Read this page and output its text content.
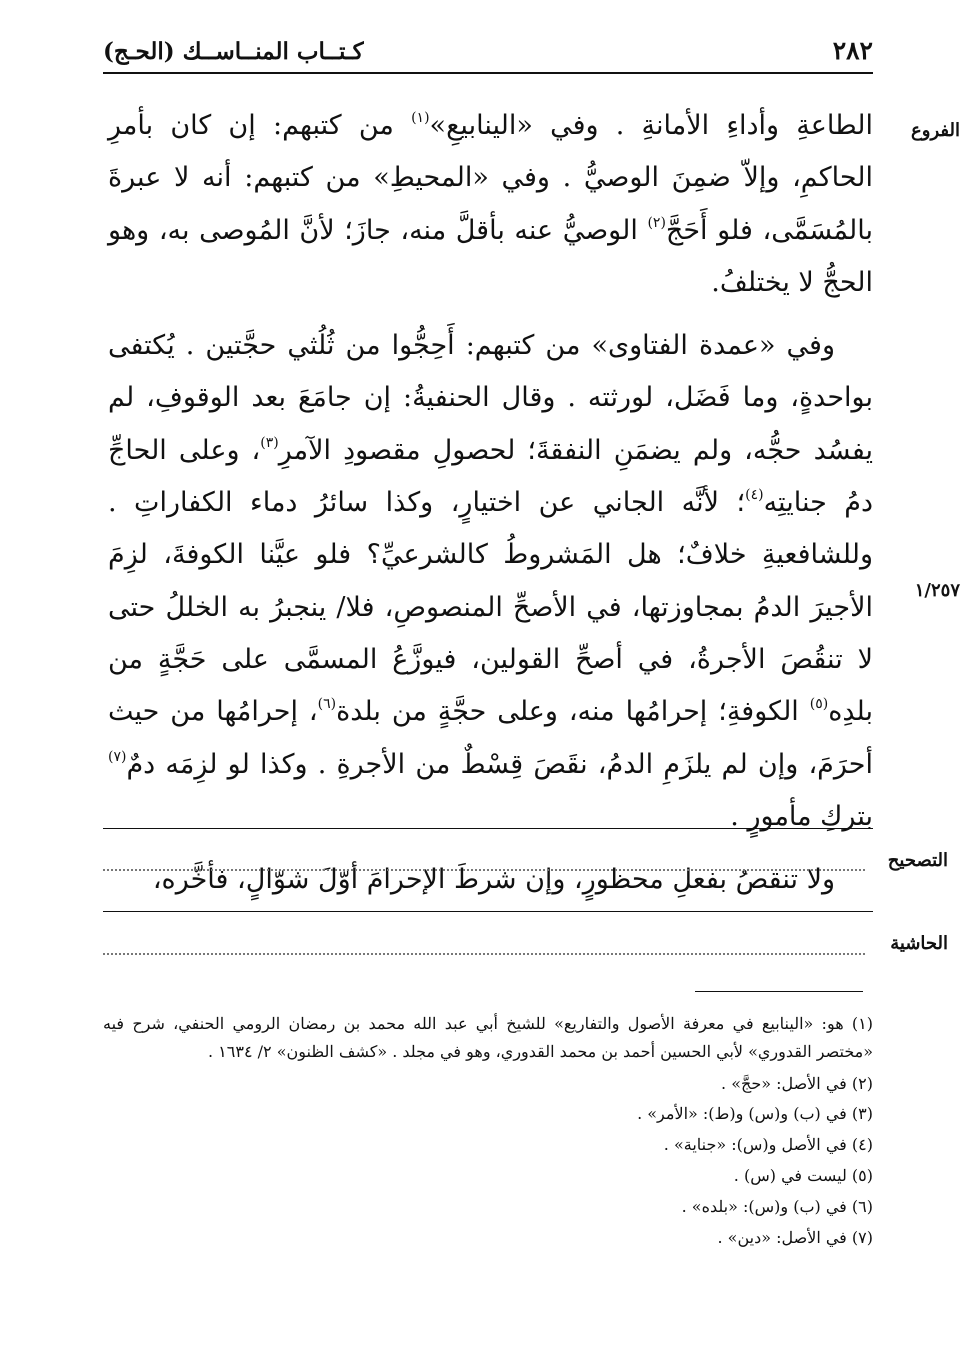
٢٨٢
كـتــاب المنــاســك (الحـج)
الفروع
١/٢٥٧

الطاعةِ وأداءِ الأمانةِ . وفي «الينابيعِ»$^{(١)}$ من كتبهم: إن كان بأمرِ الحاكمِ، وإلاّ ضمِنَ الوصيُّ . وفي «المحيطِ» من كتبهم: أنه لا عبرةَ بالمُسَمَّى، فلو أَحَجَّ$^{(٢)}$ الوصيُّ عنه بأقلَّ منه، جازَ؛ لأنَّ المُوصى به، وهو الحجُّ لا يختلفُ.

وفي «عمدة الفتاوى» من كتبهم: أَحِجُّوا من ثُلُثي حجَّتين . يُكتفى بواحدةٍ، وما فَضَل، لورثته . وقال الحنفيةُ: إن جامَعَ بعد الوقوفِ، لم يفسُد حجُّه، ولم يضمَنِ النفقةَ؛ لحصولِ مقصودِ الآمرِ$^{(٣)}$، وعلى الحاجِّ دمُ جنايتِه$^{(٤)}$؛ لأنَّه الجاني عن اختيارٍ، وكذا سائرُ دماء الكفاراتِ . وللشافعيةِ خلافٌ؛ هل المَشروطُ كالشرعيِّ؟ فلو عيَّنا الكوفةَ، لزِمَ الأجيرَ الدمُ بمجاوزتها، في الأصحِّ المنصوصِ، فلا/ ينجبرُ به الخللُ حتى لا تنقُصَ الأجرةُ، في أصحِّ القولين، فيوزَّعُ المسمَّى على حَجَّةٍ من بلدِه$^{(٥)}$ الكوفةِ؛ إحرامُها منه، وعلى حجَّةٍ من بلدة$^{(٦)}$، إحرامُها من حيث أحرَمَ، وإن لم يلزَمِ الدمُ، نقَصَ قِسْطٌ من الأجرةِ . وكذا لو لزِمَه دمٌ$^{(٧)}$ بتركِ مأمورٍ .

ولا تنقصُ بفعلِ محظورٍ، وإن شرطَ الإحرامَ أوّلَ شوّالٍ، فأخَّره،

التصحيح
الحاشية

(١) هو: «الينابيع في معرفة الأصول والتفاريع» للشيخ أبي عبد الله محمد بن رمضان الرومي الحنفي، شرح فيه «مختصر القدوري» لأبي الحسين أحمد بن محمد القدوري، وهو في مجلد . «كشف الظنون» ٢/ ١٦٣٤ .

(٢) في الأصل: «حجَّ» .

(٣) في (ب) و(س) و(ط): «الأمر» .

(٤) في الأصل و(س): «جناية» .

(٥) ليست في (س) .

(٦) في (ب) و(س): «بلده» .

(٧) في الأصل: «دين» .
